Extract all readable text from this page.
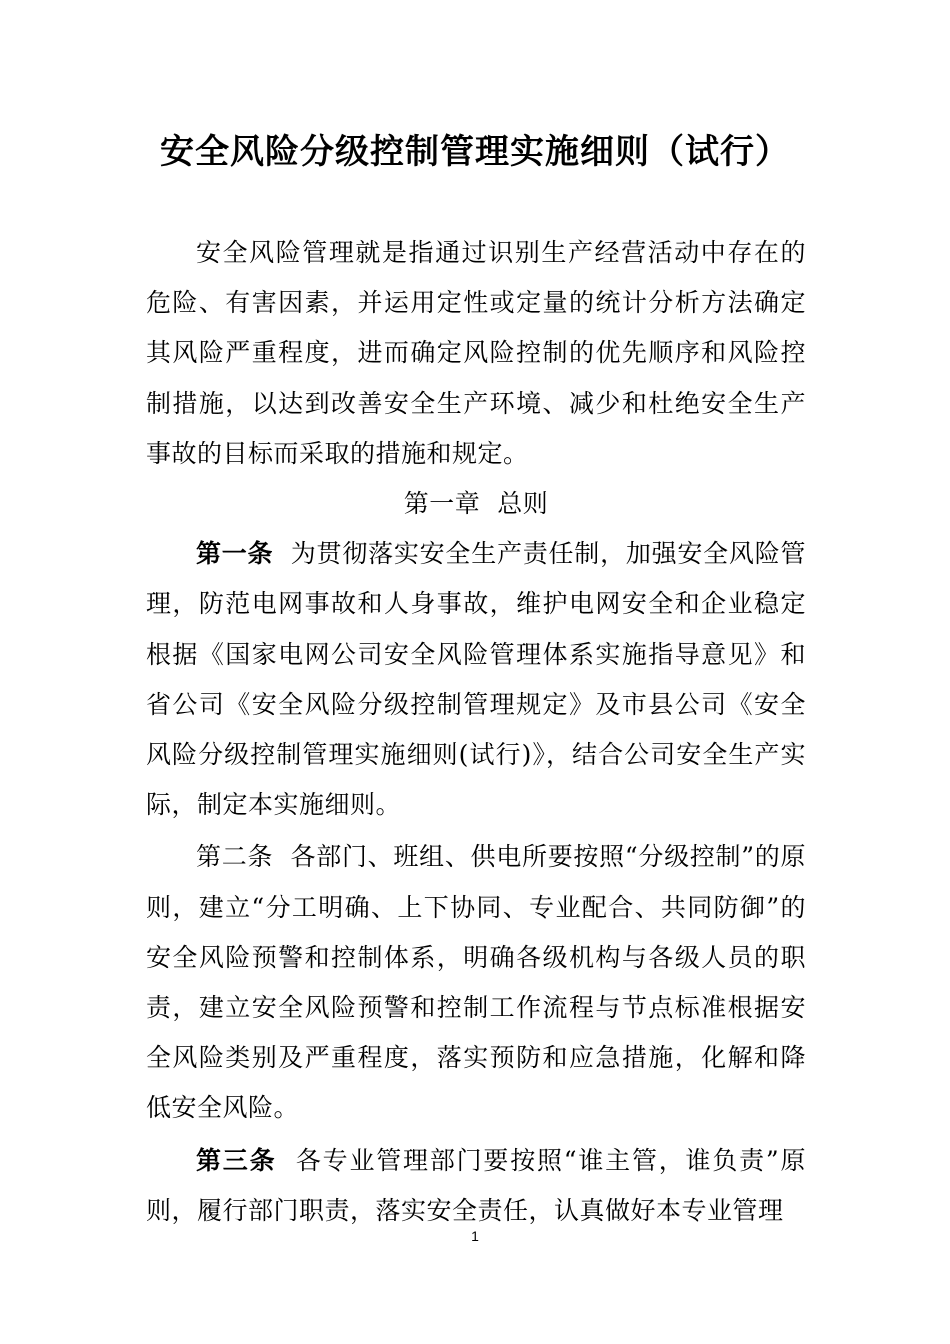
安全风险分级控制管理实施细则（试行）

安全风险管理就是指通过识别生产经营活动中存在的危险、有害因素，并运用定性或定量的统计分析方法确定其风险严重程度，进而确定风险控制的优先顺序和风险控制措施，以达到改善安全生产环境、减少和杜绝安全生产事故的目标而采取的措施和规定。

第一章  总则

第一条 为贯彻落实安全生产责任制，加强安全风险管理，防范电网事故和人身事故，维护电网安全和企业稳定根据《国家电网公司安全风险管理体系实施指导意见》和省公司《安全风险分级控制管理规定》及市县公司《安全风险分级控制管理实施细则(试行)》，结合公司安全生产实际，制定本实施细则。

第二条 各部门、班组、供电所要按照“分级控制”的原则，建立“分工明确、上下协同、专业配合、共同防御”的安全风险预警和控制体系，明确各级机构与各级人员的职责，建立安全风险预警和控制工作流程与节点标准根据安全风险类别及严重程度，落实预防和应急措施，化解和降低安全风险。

第三条 各专业管理部门要按照“谁主管，谁负责”原则，履行部门职责，落实安全责任，认真做好本专业管理

1
